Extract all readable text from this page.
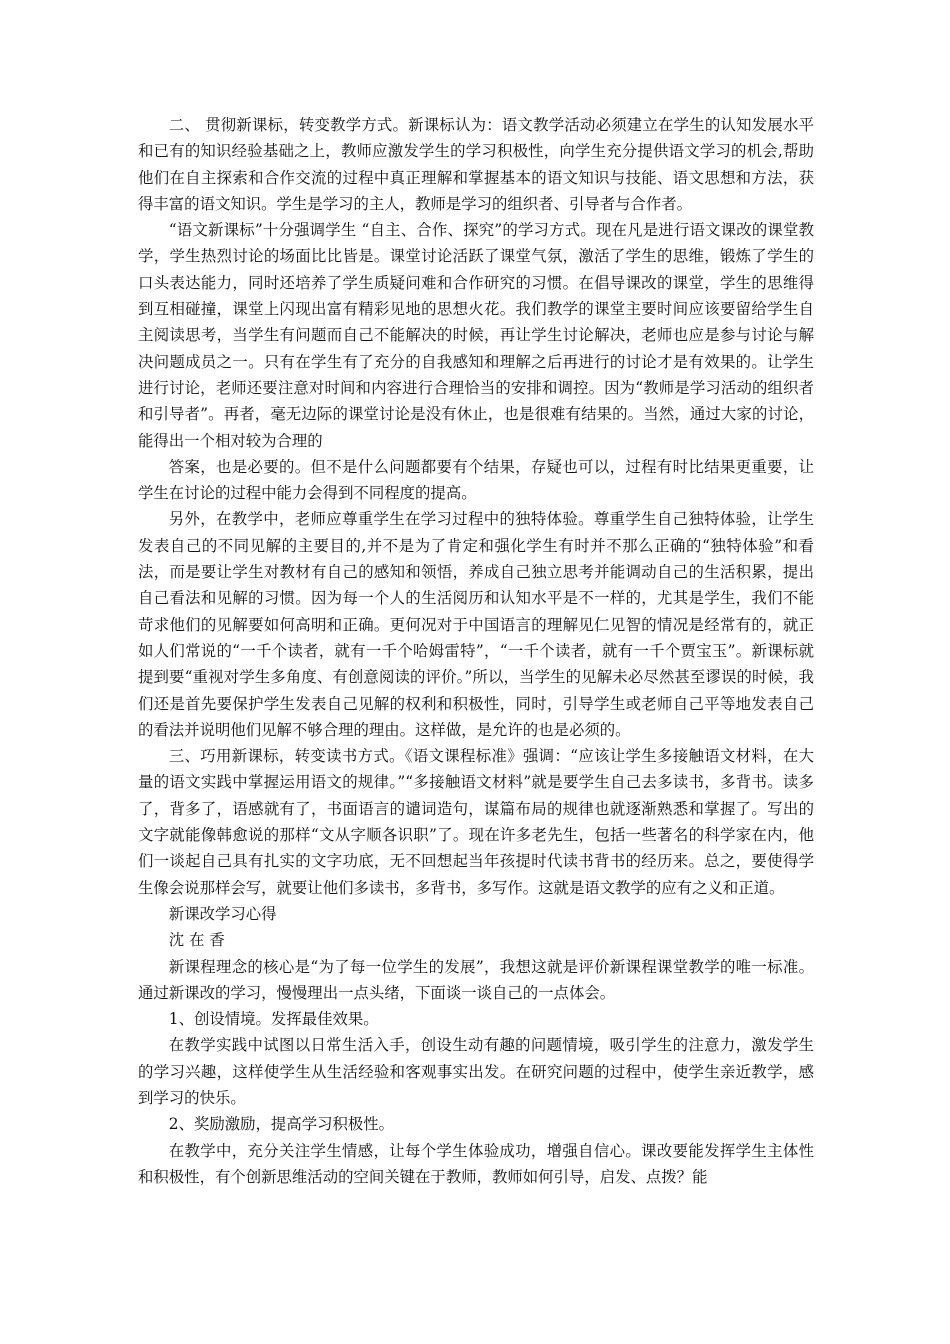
二、 贯彻新课标，转变教学方式。新课标认为：语文教学活动必须建立在学生的认知发展水平和已有的知识经验基础之上，教师应激发学生的学习积极性，向学生充分提供语文学习的机会,帮助他们在自主探索和合作交流的过程中真正理解和掌握基本的语文知识与技能、语文思想和方法，获得丰富的语文知识。学生是学习的主人，教师是学习的组织者、引导者与合作者。

“语文新课标”十分强调学生 “自主、合作、探究”的学习方式。现在凡是进行语文课改的课堂教学，学生热烈讨论的场面比比皆是。课堂讨论活跃了课堂气氛，激活了学生的思维，锻炼了学生的口头表达能力，同时还培养了学生质疑问难和合作研究的习惯。在倡导课改的课堂，学生的思维得到互相碰撞，课堂上闪现出富有精彩见地的思想火花。我们教学的课堂主要时间应该要留给学生自主阅读思考，当学生有问题而自己不能解决的时候，再让学生讨论解决，老师也应是参与讨论与解决问题成员之一。只有在学生有了充分的自我感知和理解之后再进行的讨论才是有效果的。让学生进行讨论，老师还要注意对时间和内容进行合理恰当的安排和调控。因为“教师是学习活动的组织者和引导者”。再者，毫无边际的课堂讨论是没有休止，也是很难有结果的。当然，通过大家的讨论，能得出一个相对较为合理的

答案，也是必要的。但不是什么问题都要有个结果，存疑也可以，过程有时比结果更重要，让学生在讨论的过程中能力会得到不同程度的提高。

另外，在教学中，老师应尊重学生在学习过程中的独特体验。尊重学生自己独特体验，让学生发表自己的不同见解的主要目的,并不是为了肯定和强化学生有时并不那么正确的“独特体验”和看法，而是要让学生对教材有自己的感知和领悟，养成自己独立思考并能调动自己的生活积累，提出自己看法和见解的习惯。因为每一个人的生活阅历和认知水平是不一样的，尤其是学生，我们不能苛求他们的见解要如何高明和正确。更何况对于中国语言的理解见仁见智的情况是经常有的，就正如人们常说的“一千个读者，就有一千个哈姆雷特”，“一千个读者，就有一千个贾宝玉”。新课标就提到要“重视对学生多角度、有创意阅读的评价。”所以，当学生的见解未必尽然甚至谬误的时候，我们还是首先要保护学生发表自己见解的权利和积极性，同时，引导学生或老师自己平等地发表自己的看法并说明他们见解不够合理的理由。这样做，是允许的也是必须的。

三、巧用新课标，转变读书方式。《语文课程标准》强调：“应该让学生多接触语文材料，在大量的语文实践中掌握运用语文的规律。”“多接触语文材料”就是要学生自己去多读书，多背书。读多了，背多了，语感就有了，书面语言的谴词造句，谋篇布局的规律也就逐渐熟悉和掌握了。写出的文字就能像韩愈说的那样“文从字顺各识职”了。现在许多老先生，包括一些著名的科学家在内，他们一谈起自己具有扎实的文字功底，无不回想起当年孩提时代读书背书的经历来。总之，要使得学生像会说那样会写，就要让他们多读书，多背书，多写作。这就是语文教学的应有之义和正道。

新课改学习心得

沈 在 香

新课程理念的核心是“为了每一位学生的发展”，我想这就是评价新课程课堂教学的唯一标准。通过新课改的学习，慢慢理出一点头绪，下面谈一谈自己的一点体会。

1、创设情境。发挥最佳效果。

在教学实践中试图以日常生活入手，创设生动有趣的问题情境，吸引学生的注意力，激发学生的学习兴趣，这样使学生从生活经验和客观事实出发。在研究问题的过程中，使学生亲近教学，感到学习的快乐。

2、奖励激励，提高学习积极性。

在教学中，充分关注学生情感，让每个学生体验成功，增强自信心。课改要能发挥学生主体性和积极性，有个创新思维活动的空间关键在于教师，教师如何引导，启发、点拨？能
